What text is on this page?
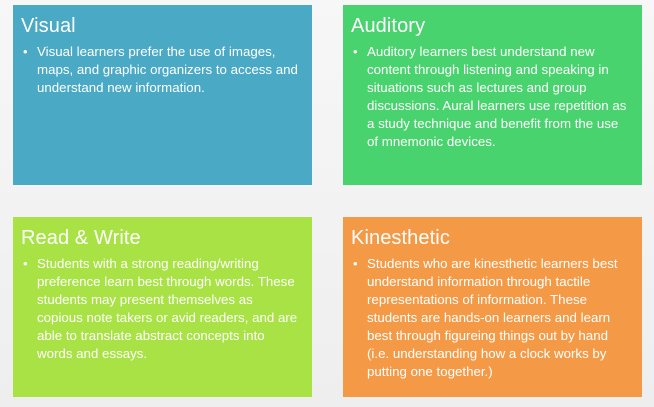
Visual
• Visual learners prefer the use of images, maps, and graphic organizers to access and understand new information.
Auditory
• Auditory learners best understand new content through listening and speaking in situations such as lectures and group discussions. Aural learners use repetition as a study technique and benefit from the use of mnemonic devices.
Read & Write
• Students with a strong reading/writing preference learn best through words. These students may present themselves as copious note takers or avid readers, and are able to translate abstract concepts into words and essays.
Kinesthetic
• Students who are kinesthetic learners best understand information through tactile representations of information. These students are hands-on learners and learn best through figureing things out by hand (i.e. understanding how a clock works by putting one together.)
